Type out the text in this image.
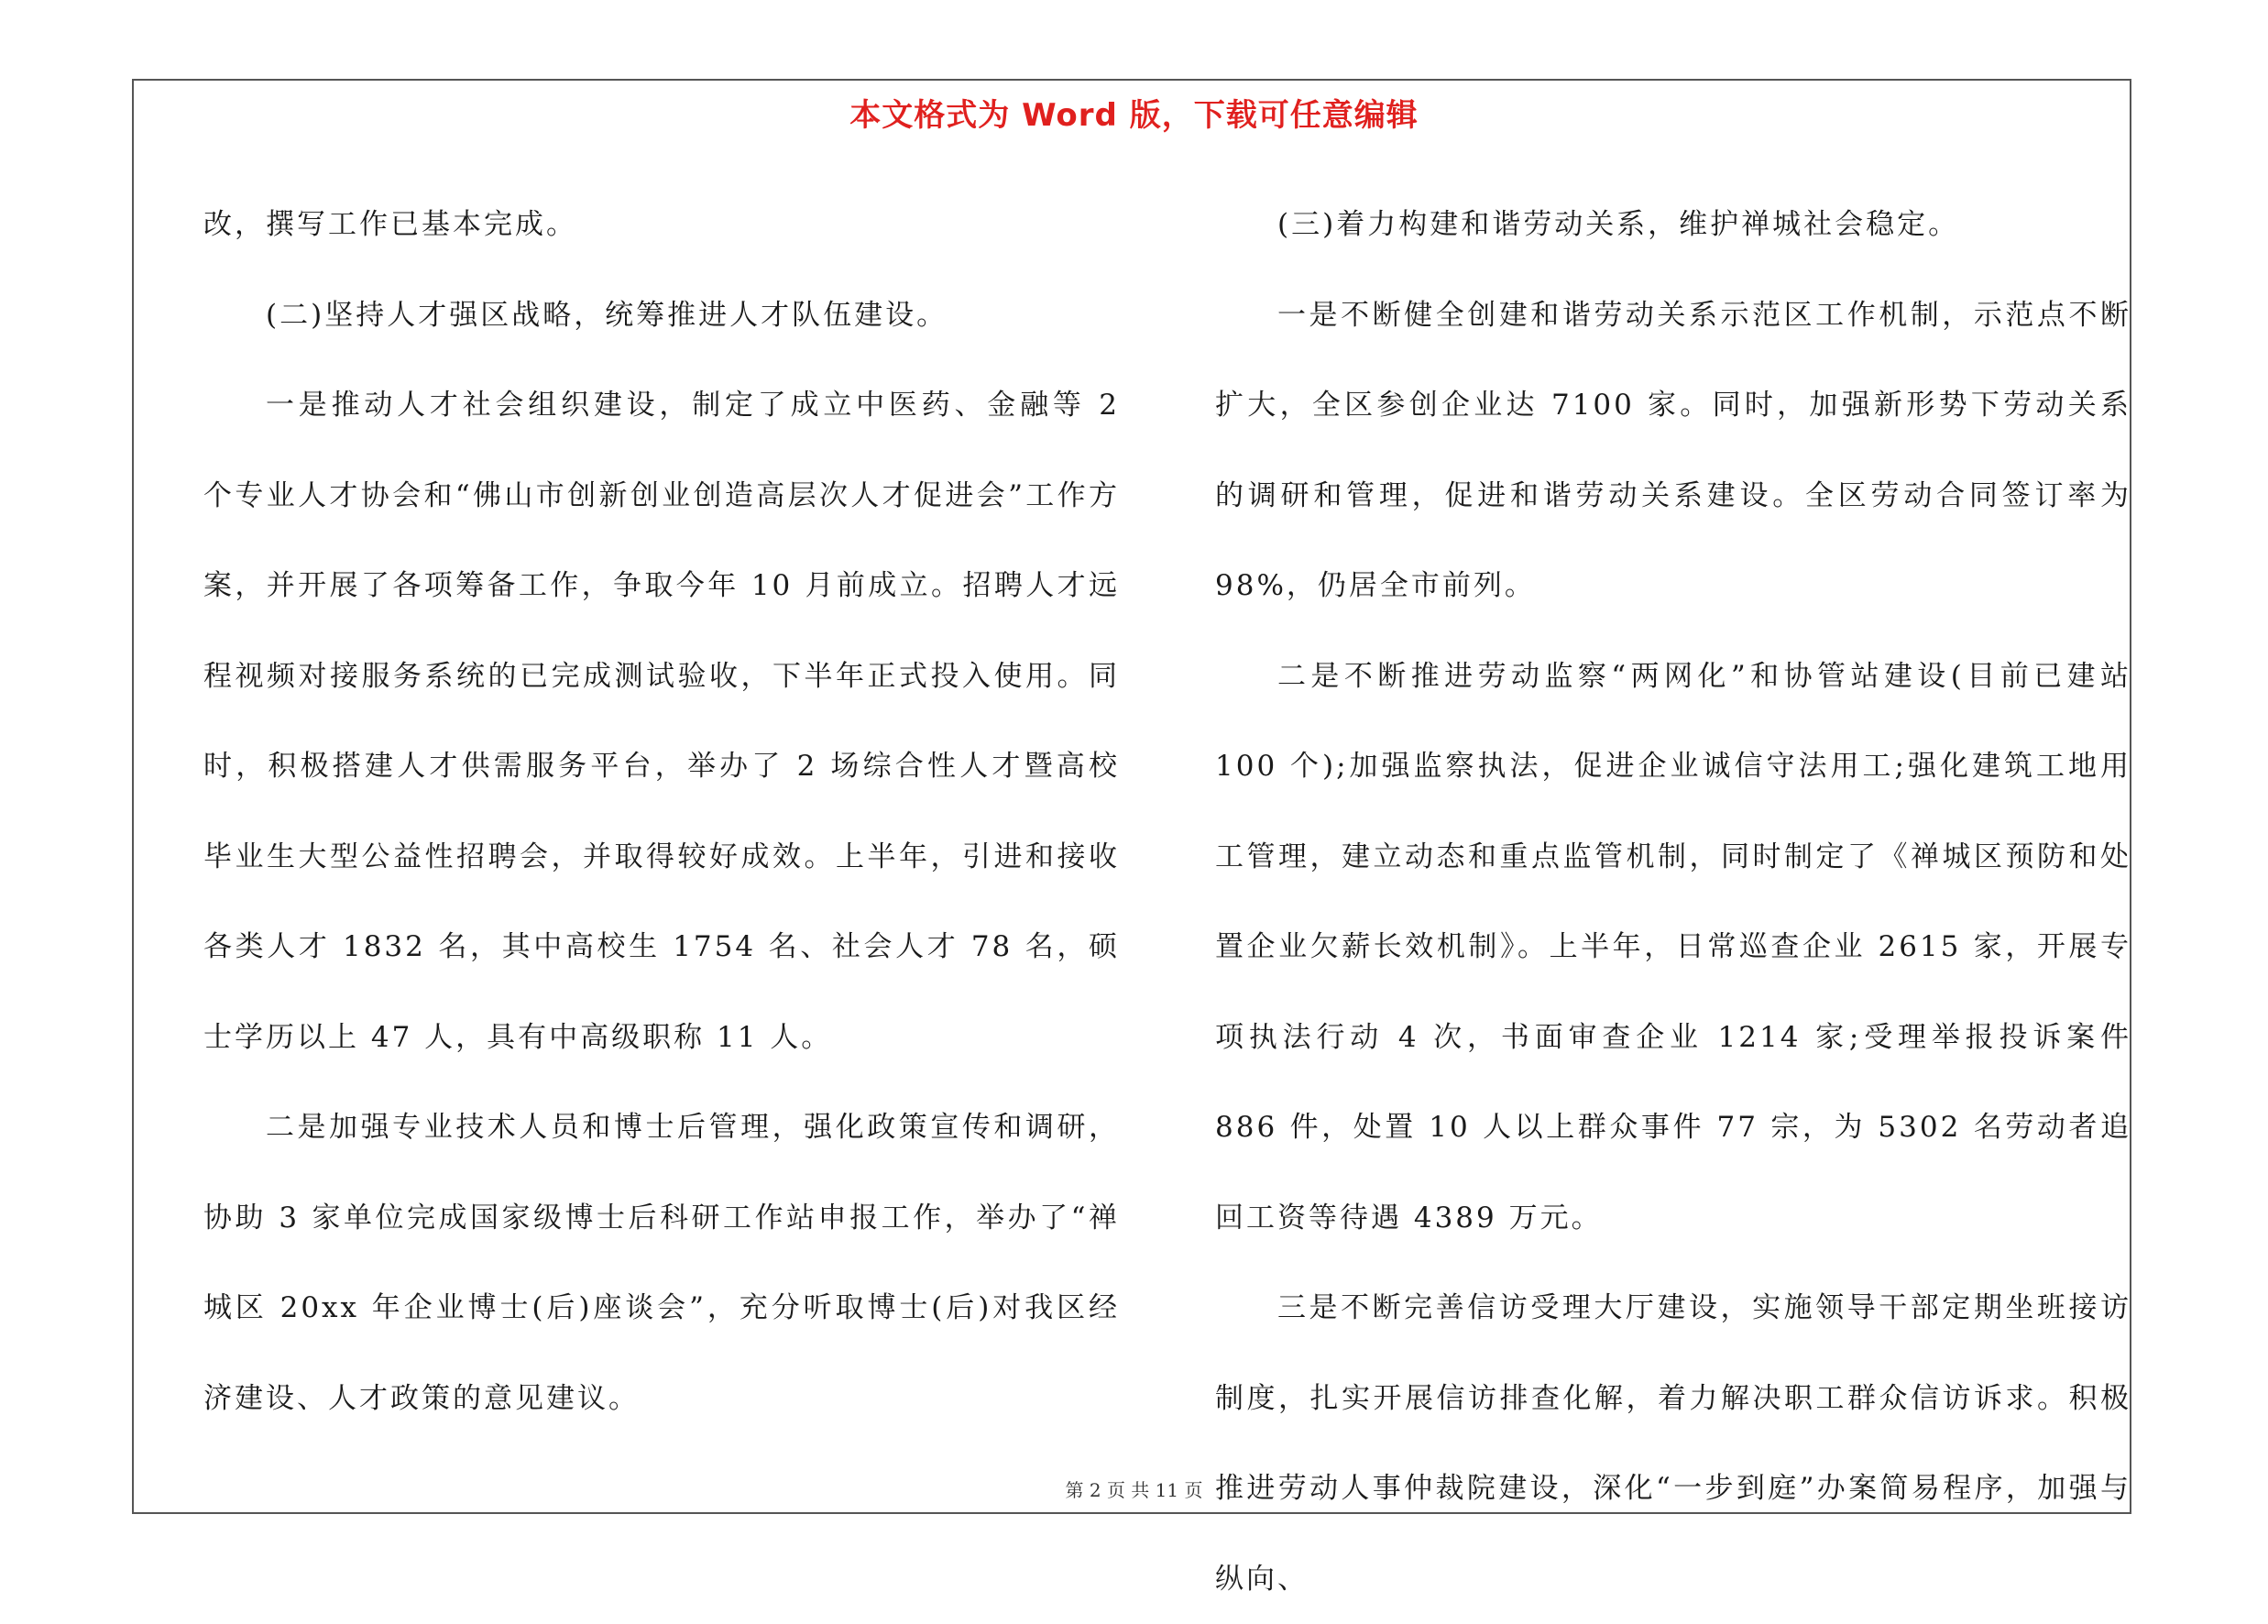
本文格式为 Word 版，下载可任意编辑

改，撰写工作已基本完成。

(二)坚持人才强区战略，统筹推进人才队伍建设。

一是推动人才社会组织建设，制定了成立中医药、金融等 2 个专业人才协会和“佛山市创新创业创造高层次人才促进会”工作方案，并开展了各项筹备工作，争取今年 10 月前成立。招聘人才远程视频对接服务系统的已完成测试验收，下半年正式投入使用。同时，积极搭建人才供需服务平台，举办了 2 场综合性人才暨高校毕业生大型公益性招聘会，并取得较好成效。上半年，引进和接收各类人才 1832 名，其中高校生 1754 名、社会人才 78 名，硕士学历以上 47 人，具有中高级职称 11 人。

二是加强专业技术人员和博士后管理，强化政策宣传和调研，协助 3 家单位完成国家级博士后科研工作站申报工作，举办了“禅城区 20xx 年企业博士(后)座谈会”，充分听取博士(后)对我区经济建设、人才政策的意见建议。

(三)着力构建和谐劳动关系，维护禅城社会稳定。

一是不断健全创建和谐劳动关系示范区工作机制，示范点不断扩大，全区参创企业达 7100 家。同时，加强新形势下劳动关系的调研和管理，促进和谐劳动关系建设。全区劳动合同签订率为 98%，仍居全市前列。

二是不断推进劳动监察“两网化”和协管站建设(目前已建站 100 个);加强监察执法，促进企业诚信守法用工;强化建筑工地用工管理，建立动态和重点监管机制，同时制定了《禅城区预防和处置企业欠薪长效机制》。上半年，日常巡查企业 2615 家，开展专项执法行动 4 次，书面审查企业 1214 家;受理举报投诉案件 886 件，处置 10 人以上群众事件 77 宗，为 5302 名劳动者追回工资等待遇 4389 万元。

三是不断完善信访受理大厅建设，实施领导干部定期坐班接访制度，扎实开展信访排查化解，着力解决职工群众信访诉求。积极推进劳动人事仲裁院建设，深化“一步到庭”办案简易程序，加强与纵向、

第 2 页 共 11 页
